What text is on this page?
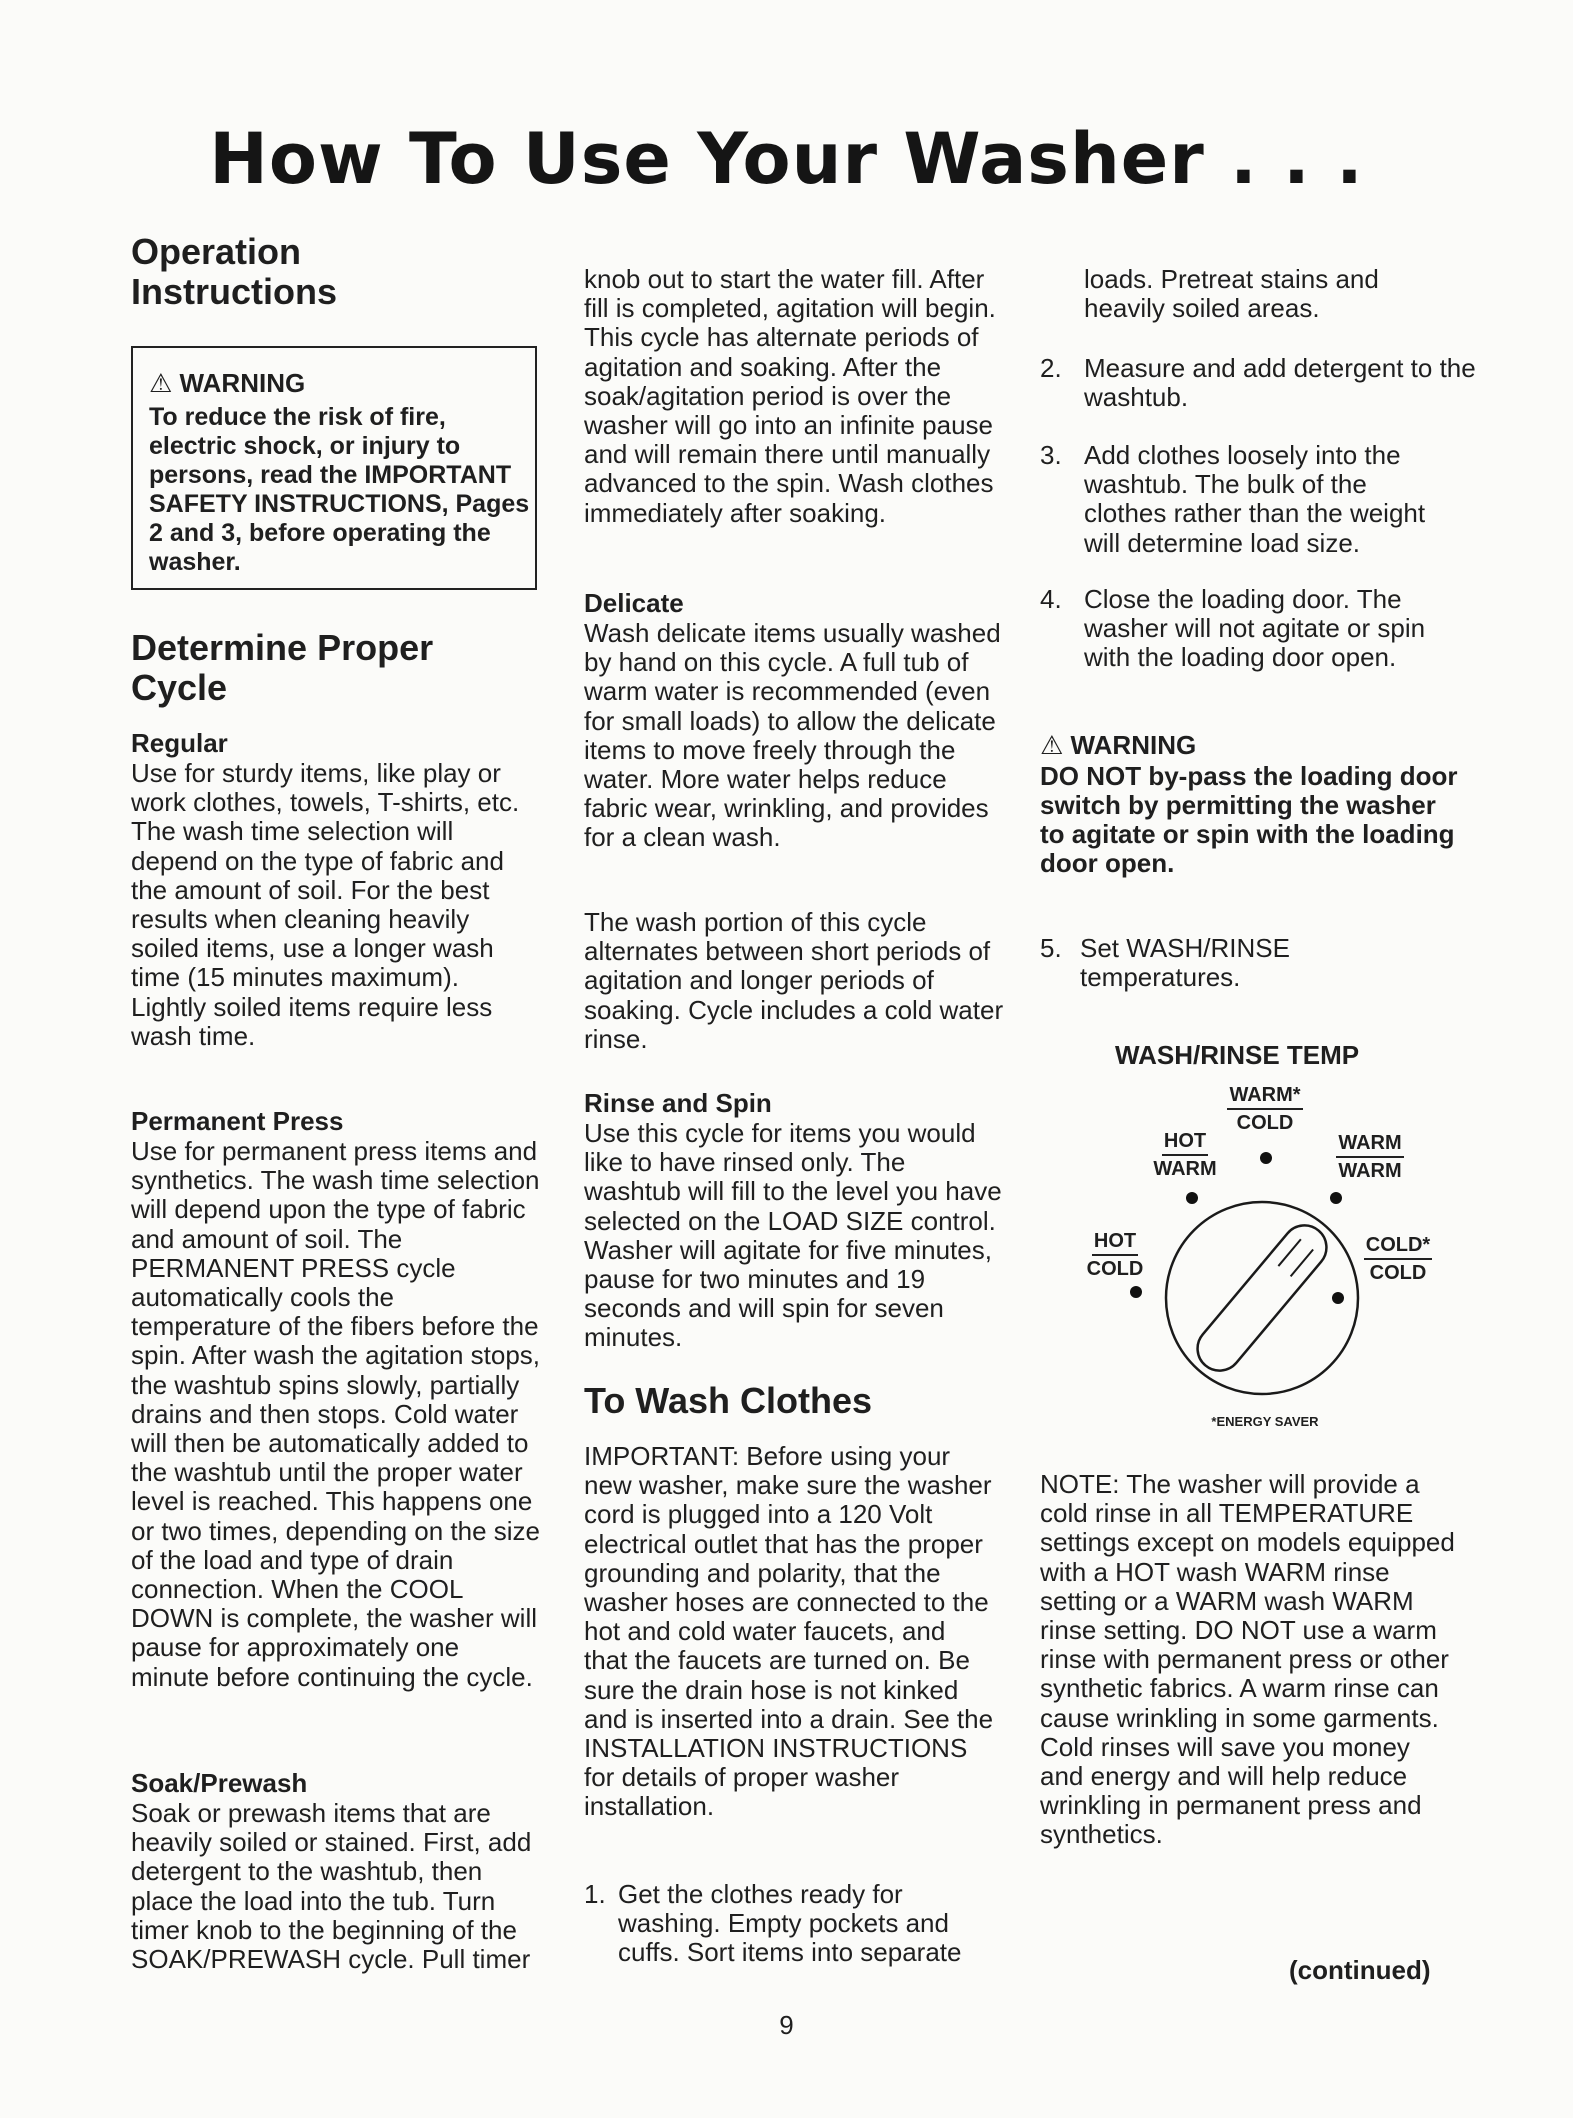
How To Use Your Washer . . .
Operation Instructions

⚠ WARNING

To reduce the risk of fire, electric shock, or injury to persons, read the IMPORTANT SAFETY INSTRUCTIONS, Pages 2 and 3, before operating the washer.

Determine Proper Cycle

Regular

Use for sturdy items, like play or work clothes, towels, T-shirts, etc. The wash time selection will depend on the type of fabric and the amount of soil. For the best results when cleaning heavily soiled items, use a longer wash time (15 minutes maximum). Lightly soiled items require less wash time.

Permanent Press

Use for permanent press items and synthetics. The wash time selection will depend upon the type of fabric and amount of soil. The PERMANENT PRESS cycle automatically cools the temperature of the fibers before the spin. After wash the agitation stops, the washtub spins slowly, partially drains and then stops. Cold water will then be automatically added to the washtub until the proper water level is reached. This happens one or two times, depending on the size of the load and type of drain connection. When the COOL DOWN is complete, the washer will pause for approximately one minute before continuing the cycle.

Soak/Prewash

Soak or prewash items that are heavily soiled or stained. First, add detergent to the washtub, then place the load into the tub. Turn timer knob to the beginning of the SOAK/PREWASH cycle. Pull timer

knob out to start the water fill. After fill is completed, agitation will begin. This cycle has alternate periods of agitation and soaking. After the soak/agitation period is over the washer will go into an infinite pause and will remain there until manually advanced to the spin. Wash clothes immediately after soaking.

Delicate

Wash delicate items usually washed by hand on this cycle. A full tub of warm water is recommended (even for small loads) to allow the delicate items to move freely through the water. More water helps reduce fabric wear, wrinkling, and provides for a clean wash.

The wash portion of this cycle alternates between short periods of agitation and longer periods of soaking. Cycle includes a cold water rinse.

Rinse and Spin

Use this cycle for items you would like to have rinsed only. The washtub will fill to the level you have selected on the LOAD SIZE control. Washer will agitate for five minutes, pause for two minutes and 19 seconds and will spin for seven minutes.

To Wash Clothes

IMPORTANT: Before using your new washer, make sure the washer cord is plugged into a 120 Volt electrical outlet that has the proper grounding and polarity, that the washer hoses are connected to the hot and cold water faucets, and that the faucets are turned on. Be sure the drain hose is not kinked and is inserted into a drain. See the INSTALLATION INSTRUCTIONS for details of proper washer installation.

1. Get the clothes ready for washing. Empty pockets and cuffs. Sort items into separate

loads. Pretreat stains and heavily soiled areas.

2. Measure and add detergent to the washtub.

3. Add clothes loosely into the washtub. The bulk of the clothes rather than the weight will determine load size.

4. Close the loading door. The washer will not agitate or spin with the loading door open.

⚠ WARNING

DO NOT by-pass the loading door switch by permitting the washer to agitate or spin with the loading door open.

5. Set WASH/RINSE temperatures.

WASH/RINSE TEMP
WARM*
COLD
WARM
WARM
COLD*
COLD
HOT
COLD
HOT
WARM
*ENERGY SAVER

NOTE: The washer will provide a cold rinse in all TEMPERATURE settings except on models equipped with a HOT wash WARM rinse setting or a WARM wash WARM rinse setting. DO NOT use a warm rinse with permanent press or other synthetic fabrics. A warm rinse can cause wrinkling in some garments. Cold rinses will save you money and energy and will help reduce wrinkling in permanent press and synthetics.

(continued)
9
